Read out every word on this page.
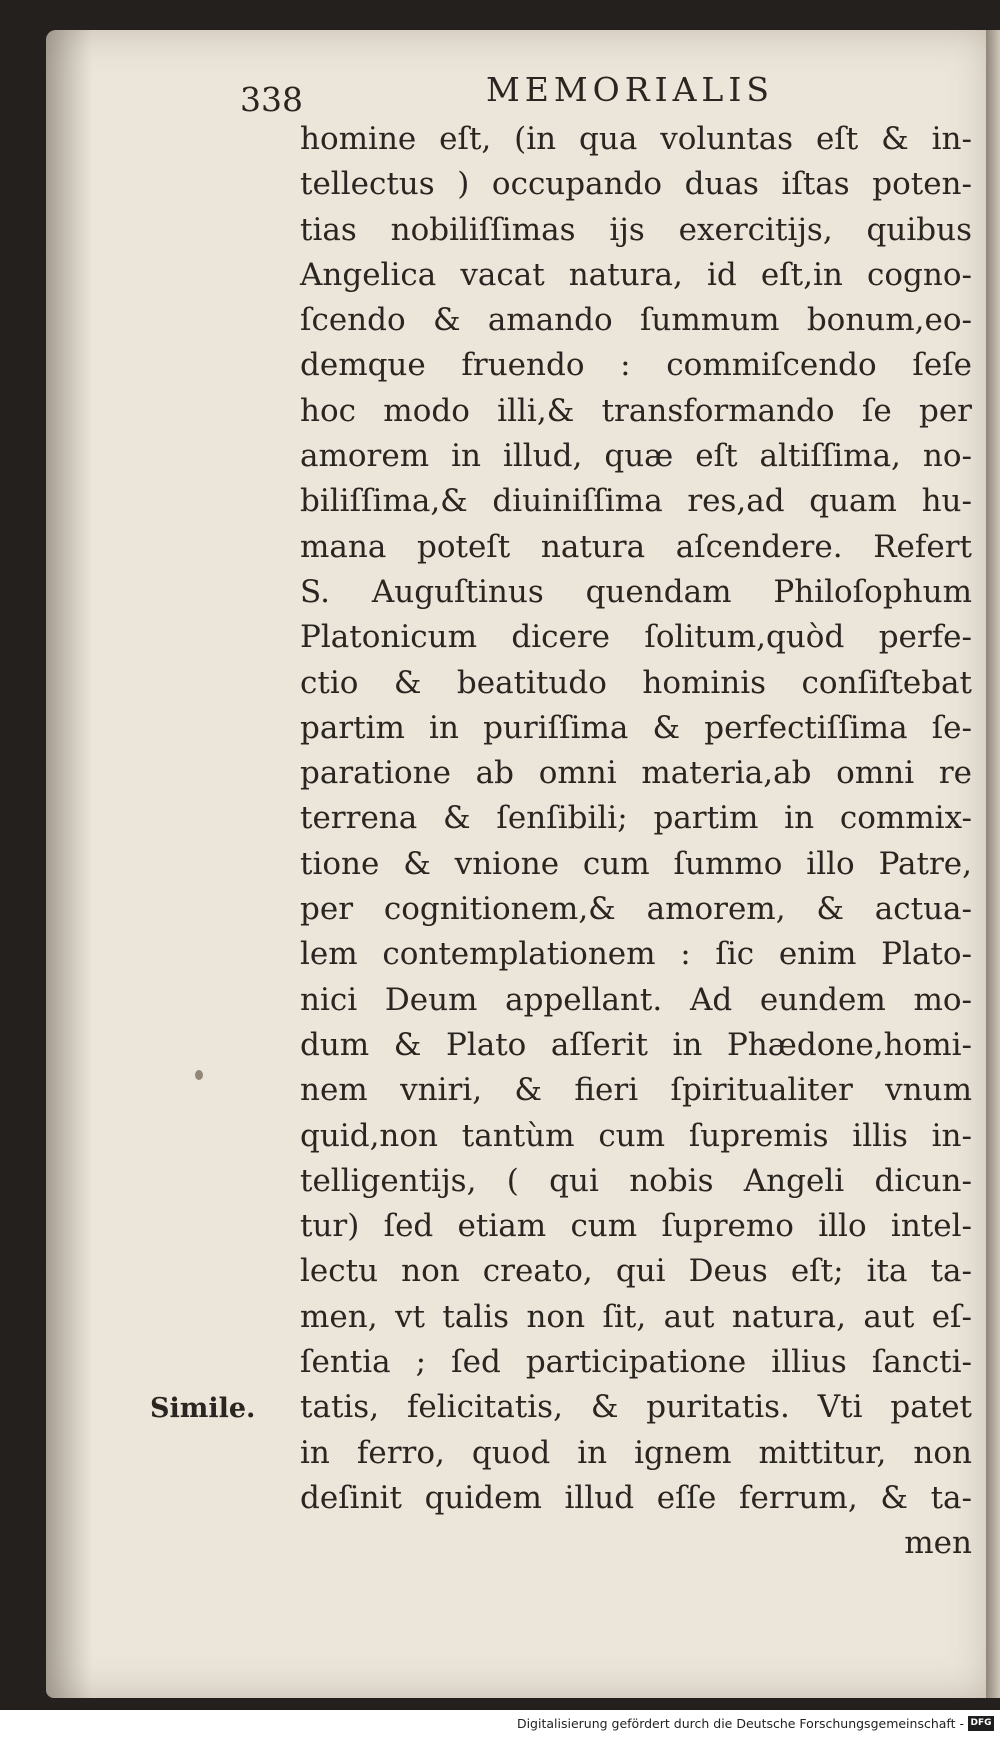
338	MEMORIALIS
homine eſt, (in qua voluntas eſt & in-
tellectus ) occupando duas iſtas poten-
tias nobiliſſimas ijs exercitijs, quibus
Angelica vacat natura, id eſt,in cogno-
ſcendo & amando ſummum bonum,eo-
demque fruendo : commiſcendo ſeſe
hoc modo illi,& transformando ſe per
amorem in illud, quæ eſt altiſſima, no-
biliſſima,& diuiniſſima res,ad quam hu-
mana poteſt natura aſcendere. Refert
S. Auguſtinus quendam Philoſophum
Platonicum dicere ſolitum,quòd perfe-
ctio & beatitudo hominis conſiſtebat
partim in puriſſima & perfectiſſima ſe-
paratione ab omni materia,ab omni re
terrena & ſenſibili; partim in commix-
tione & vnione cum ſummo illo Patre,
per cognitionem,& amorem, & actua-
lem contemplationem : ſic enim Plato-
nici Deum appellant. Ad eundem mo-
dum & Plato aſſerit in Phædone,homi-
nem vniri, & fieri ſpiritualiter vnum
quid,non tantùm cum ſupremis illis in-
telligentijs, ( qui nobis Angeli dicun-
tur) ſed etiam cum ſupremo illo intel-
lectu non creato, qui Deus eſt; ita ta-
men, vt talis non ſit, aut natura, aut eſ-
ſentia ; ſed participatione illius ſancti-
tatis, felicitatis, & puritatis. Vti patet
in ferro, quod in ignem mittitur, non
deſinit quidem illud eſſe ferrum, & ta-
men
Simile.
Digitalisierung gefördert durch die Deutsche Forschungsgemeinschaft - DFG
